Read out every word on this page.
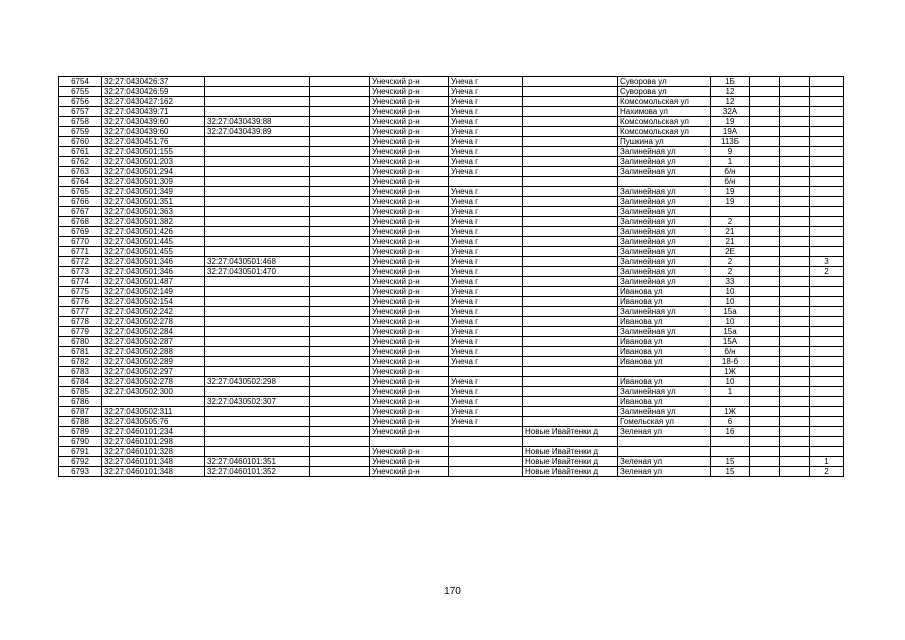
6754	32:27:0430426:37			Унечский р-н	Унеча г		Суворова ул	1Б			
6755	32:27:0430426:59			Унечский р-н	Унеча г		Суворова ул	12			
6756	32:27:0430427:162			Унечский р-н	Унеча г		Комсомольская ул	12			
6757	32:27:0430439:71			Унечский р-н	Унеча г		Нахимова ул	32А			
6758	32:27:0430439:60	32:27:0430439:88		Унечский р-н	Унеча г		Комсомольская ул	19			
6759	32:27:0430439:60	32:27:0430439:89		Унечский р-н	Унеча г		Комсомольская ул	19А			
6760	32:27:0430451:76			Унечский р-н	Унеча г		Пушкина ул	113Б			
6761	32:27:0430501:155			Унечский р-н	Унеча г		Залинейная ул	9			
6762	32:27:0430501:203			Унечский р-н	Унеча г		Залинейная ул	1			
6763	32:27:0430501:294			Унечский р-н	Унеча г		Залинейная ул	б/н			
6764	32:27:0430501:309			Унечский р-н				б/н			
6765	32:27:0430501:349			Унечский р-н	Унеча г		Залинейная ул	19			
6766	32:27:0430501:351			Унечский р-н	Унеча г		Залинейная ул	19			
6767	32:27:0430501:363			Унечский р-н	Унеча г		Залинейная ул				
6768	32:27:0430501:382			Унечский р-н	Унеча г		Залинейная ул	2			
6769	32:27:0430501:426			Унечский р-н	Унеча г		Залинейная ул	21			
6770	32:27:0430501:445			Унечский р-н	Унеча г		Залинейная ул	21			
6771	32:27:0430501:455			Унечский р-н	Унеча г		Залинейная ул	2Е			
6772	32:27:0430501:346	32:27:0430501:468		Унечский р-н	Унеча г		Залинейная ул	2			3
6773	32:27:0430501:346	32:27:0430501:470		Унечский р-н	Унеча г		Залинейная ул	2			2
6774	32:27:0430501:487			Унечский р-н	Унеча г		Залинейная ул	33			
6775	32:27:0430502:149			Унечский р-н	Унеча г		Иванова ул	10			
6776	32:27:0430502:154			Унечский р-н	Унеча г		Иванова ул	10			
6777	32:27:0430502:242			Унечский р-н	Унеча г		Залинейная ул	15а			
6778	32:27:0430502:278			Унечский р-н	Унеча г		Иванова ул	10			
6779	32:27:0430502:284			Унечский р-н	Унеча г		Залинейная ул	15а			
6780	32:27:0430502:287			Унечский р-н	Унеча г		Иванова ул	15А			
6781	32:27:0430502:288			Унечский р-н	Унеча г		Иванова ул	б/н			
6782	32:27:0430502:289			Унечский р-н	Унеча г		Иванова ул	18-б			
6783	32:27:0430502:297			Унечский р-н				1Ж			
6784	32:27:0430502:278	32:27:0430502:298		Унечский р-н	Унеча г		Иванова ул	10			
6785	32:27:0430502:300			Унечский р-н	Унеча г		Залинейная ул	1			
6786		32:27:0430502:307		Унечский р-н	Унеча г		Иванова ул				
6787	32:27:0430502:311			Унечский р-н	Унеча г		Залинейная ул	1Ж			
6788	32:27:0430505:76			Унечский р-н	Унеча г		Гомельская ул	6			
6789	32:27:0460101:234			Унечский р-н		Новые Ивайтенки д	Зеленая ул	16			
6790	32:27:0460101:298										
6791	32:27:0460101:328			Унечский р-н		Новые Ивайтенки д					
6792	32:27:0460101:348	32:27:0460101:351		Унечский р-н		Новые Ивайтенки д	Зеленая ул	15			1
6793	32:27:0460101:348	32:27:0460101:352		Унечский р-н		Новые Ивайтенки д	Зеленая ул	15			2
170
